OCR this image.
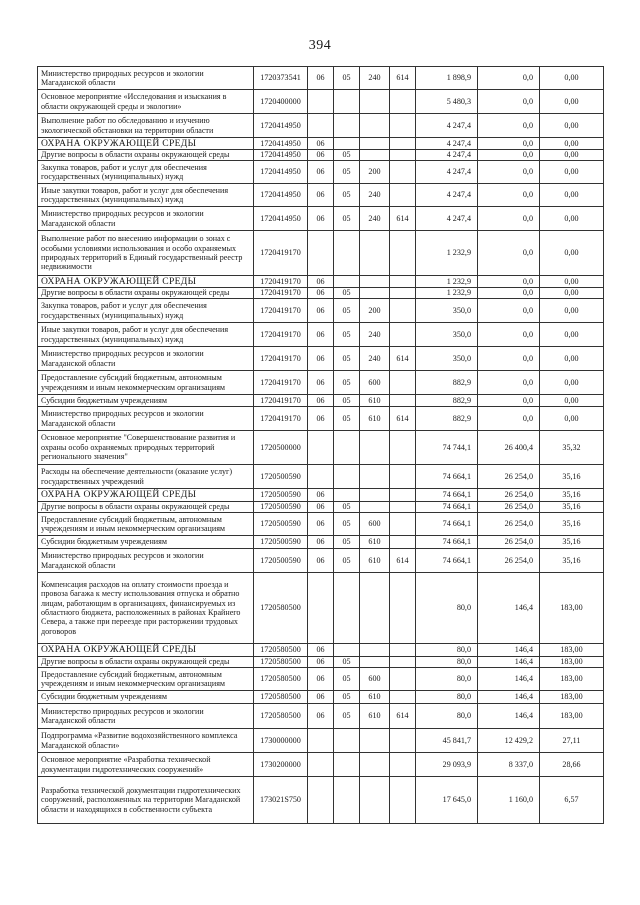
394
Министерство природных ресурсов и экологии Магаданской области	1720373541	06	05	240	614	1 898,9	0,0	0,00
Основное мероприятие «Исследования и изыскания в области окружающей среды и экологии»	1720400000					5 480,3	0,0	0,00
Выполнение работ по обследованию и изучению экологической обстановки на территории области	1720414950					4 247,4	0,0	0,00
ОХРАНА ОКРУЖАЮЩЕЙ СРЕДЫ	1720414950	06				4 247,4	0,0	0,00
Другие вопросы в области охраны окружающей среды	1720414950	06	05			4 247,4	0,0	0,00
Закупка товаров, работ и услуг для обеспечения государственных (муниципальных) нужд	1720414950	06	05	200		4 247,4	0,0	0,00
Иные закупки товаров, работ и услуг для обеспечения государственных (муниципальных) нужд	1720414950	06	05	240		4 247,4	0,0	0,00
Министерство природных ресурсов и экологии Магаданской области	1720414950	06	05	240	614	4 247,4	0,0	0,00
Выполнение работ по внесению информации о зонах с особыми условиями использования и особо охраняемых природных территорий в Единый государственный реестр недвижимости	1720419170					1 232,9	0,0	0,00
ОХРАНА ОКРУЖАЮЩЕЙ СРЕДЫ	1720419170	06				1 232,9	0,0	0,00
Другие вопросы в области охраны окружающей среды	1720419170	06	05			1 232,9	0,0	0,00
Закупка товаров, работ и услуг для обеспечения государственных (муниципальных) нужд	1720419170	06	05	200		350,0	0,0	0,00
Иные закупки товаров, работ и услуг для обеспечения государственных (муниципальных) нужд	1720419170	06	05	240		350,0	0,0	0,00
Министерство природных ресурсов и экологии Магаданской области	1720419170	06	05	240	614	350,0	0,0	0,00
Предоставление субсидий бюджетным, автономным учреждениям и иным некоммерческим организациям	1720419170	06	05	600		882,9	0,0	0,00
Субсидии бюджетным учреждениям	1720419170	06	05	610		882,9	0,0	0,00
Министерство природных ресурсов и экологии Магаданской области	1720419170	06	05	610	614	882,9	0,0	0,00
Основное мероприятие "Совершенствование развития и охраны особо охраняемых природных территорий регионального значения"	1720500000					74 744,1	26 400,4	35,32
Расходы на обеспечение деятельности (оказание услуг) государственных учреждений	1720500590					74 664,1	26 254,0	35,16
ОХРАНА ОКРУЖАЮЩЕЙ СРЕДЫ	1720500590	06				74 664,1	26 254,0	35,16
Другие вопросы в области охраны окружающей среды	1720500590	06	05			74 664,1	26 254,0	35,16
Предоставление субсидий бюджетным, автономным учреждениям и иным некоммерческим организациям	1720500590	06	05	600		74 664,1	26 254,0	35,16
Субсидии бюджетным учреждениям	1720500590	06	05	610		74 664,1	26 254,0	35,16
Министерство природных ресурсов и экологии Магаданской области	1720500590	06	05	610	614	74 664,1	26 254,0	35,16
Компенсация расходов на оплату стоимости проезда и провоза багажа к месту использования отпуска и обратно лицам, работающим в организациях, финансируемых из областного бюджета, расположенных в районах Крайнего Севера, а также при переезде при расторжении трудовых договоров	1720580500					80,0	146,4	183,00
ОХРАНА ОКРУЖАЮЩЕЙ СРЕДЫ	1720580500	06				80,0	146,4	183,00
Другие вопросы в области охраны окружающей среды	1720580500	06	05			80,0	146,4	183,00
Предоставление субсидий бюджетным, автономным учреждениям и иным некоммерческим организациям	1720580500	06	05	600		80,0	146,4	183,00
Субсидии бюджетным учреждениям	1720580500	06	05	610		80,0	146,4	183,00
Министерство природных ресурсов и экологии Магаданской области	1720580500	06	05	610	614	80,0	146,4	183,00
Подпрограмма «Развитие водохозяйственного комплекса Магаданской области»	1730000000					45 841,7	12 429,2	27,11
Основное мероприятие «Разработка технической документации гидротехнических сооружений»	1730200000					29 093,9	8 337,0	28,66
Разработка технической документации гидротехнических сооружений, расположенных на территории Магаданской области и находящихся в собственности субъекта	173021S750					17 645,0	1 160,0	6,57
